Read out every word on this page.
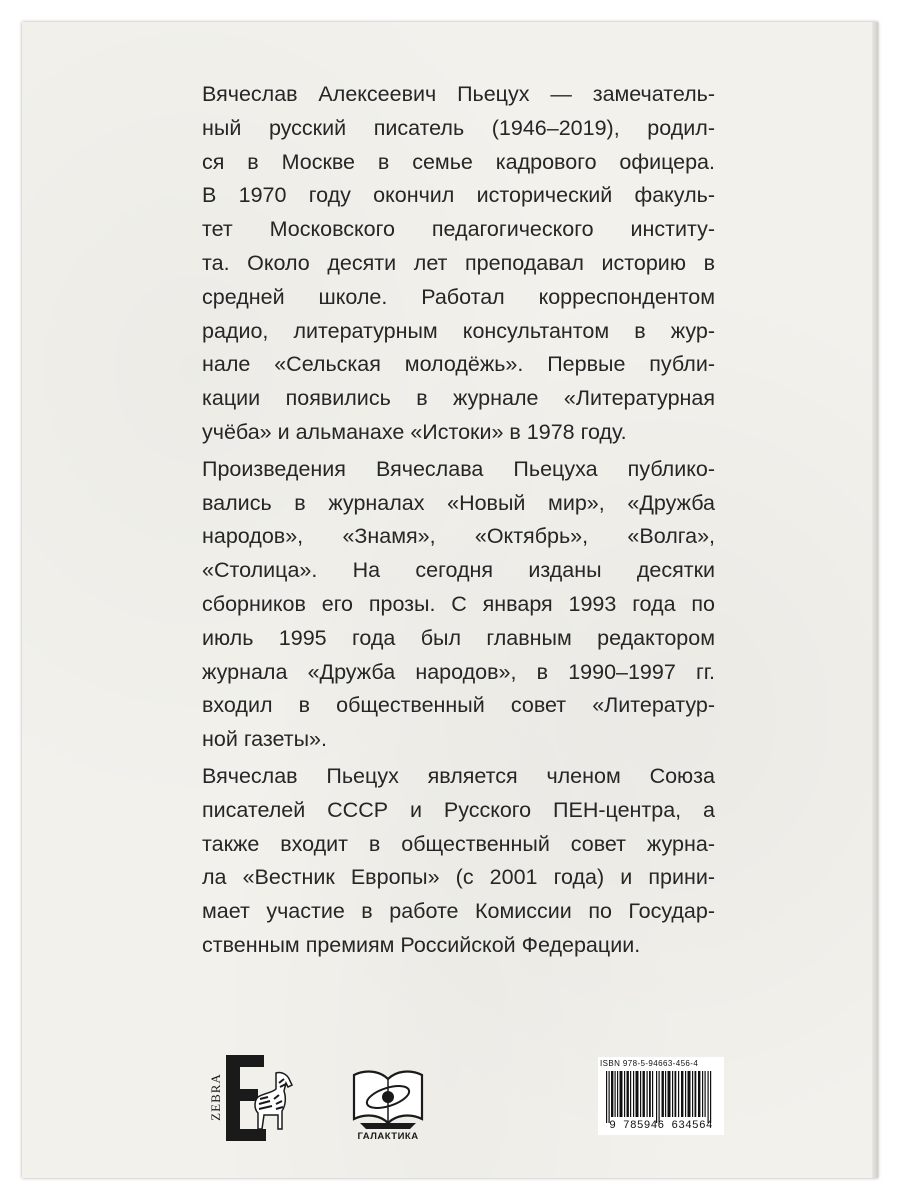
Вячеслав Алексеевич Пьецух — замечатель-
ный русский писатель (1946–2019), родил-
ся в Москве в семье кадрового офицера.
В 1970 году окончил исторический факуль-
тет Московского педагогического институ-
та. Около десяти лет преподавал историю в
средней школе. Работал корреспондентом
радио, литературным консультантом в жур-
нале «Сельская молодёжь». Первые публи-
кации появились в журнале «Литературная
учёба» и альманахе «Истоки» в 1978 году.

Произведения Вячеслава Пьецуха публико-
вались в журналах «Новый мир», «Дружба
народов», «Знамя», «Октябрь», «Волга»,
«Столица». На сегодня изданы десятки
сборников его прозы. С января 1993 года по
июль 1995 года был главным редактором
журнала «Дружба народов», в 1990–1997 гг.
входил в общественный совет «Литератур-
ной газеты».

Вячеслав Пьецух является членом Союза
писателей СССР и Русского ПЕН-центра, а
также входит в общественный совет журна-
ла «Вестник Европы» (с 2001 года) и прини-
мает участие в работе Комиссии по Государ-
ственным премиям Российской Федерации.

ZEBRA
ГАЛАКТИКА
ISBN 978-5-94663-456-4
9 785946 634564
